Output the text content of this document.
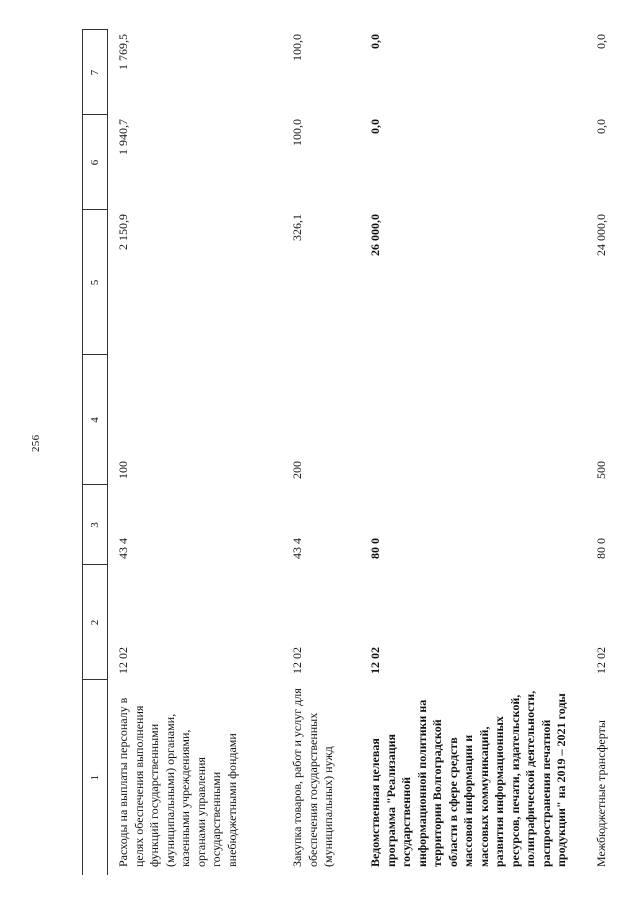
256
1	2	3	4	5	6	7
Расходы на выплаты персоналу в целях обеспечения выполнения функций государственными (муниципальными) органами, казенными учреждениями, органами управления государственными внебюджетными фондами	12 02	43 4	100	2 150,9	1 940,7	1 769,5
Закупка товаров, работ и услуг для обеспечения государственных (муниципальных) нужд	12 02	43 4	200	326,1	100,0	100,0
Ведомственная целевая программа "Реализация государственной информационной политики на территории Волгоградской области в сфере средств массовой информации и массовых коммуникаций, развития информационных ресурсов, печати, издательской, полиграфической деятельности, распространения печатной продукции" на 2019 – 2021 годы	12 02	80 0		26 000,0	0,0	0,0
Межбюджетные трансферты	12 02	80 0	500	24 000,0	0,0	0,0
